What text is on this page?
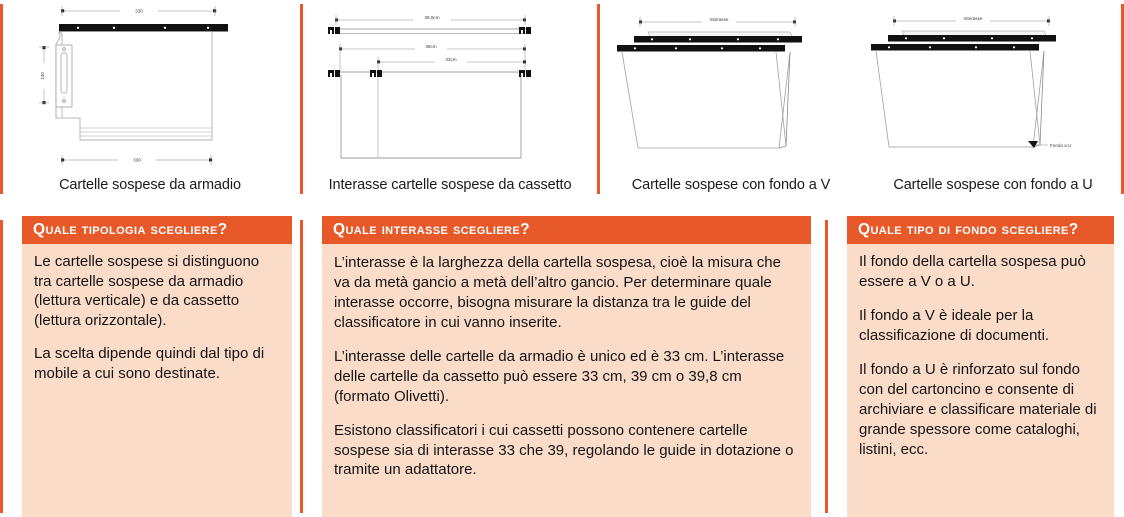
330
140
330
Cartelle sospese da armadio
39,8cm
39cm
33cm
Interasse cartelle sospese da cassetto
Interasse
Cartelle sospese con fondo a V
Interasse
Fondo a U
Cartelle sospese con fondo a U
Quale tipologia scegliere?

Le cartelle sospese si distinguono tra cartelle sospese da armadio (lettura verticale) e da cassetto (lettura orizzontale).

La scelta dipende quindi dal tipo di mobile a cui sono destinate.

Quale interasse scegliere?

L’interasse è la larghezza della cartella sospesa, cioè la misura che va da metà gancio a metà dell’altro gancio. Per determinare quale interasse occorre, bisogna misurare la distanza tra le guide del classificatore in cui vanno inserite.

L’interasse delle cartelle da armadio è unico ed è 33 cm. L’interasse delle cartelle da cassetto può essere 33 cm, 39 cm o 39,8 cm (formato Olivetti).

Esistono classificatori i cui cassetti possono contenere cartelle sospese sia di interasse 33 che 39, regolando le guide in dotazione o tramite un adattatore.

Quale tipo di fondo scegliere?

Il fondo della cartella sospesa può essere a V o a U.

Il fondo a V è ideale per la classificazione di documenti.

Il fondo a U è rinforzato sul fondo con del cartoncino e consente di archiviare e classificare materiale di grande spessore come cataloghi, listini, ecc.
